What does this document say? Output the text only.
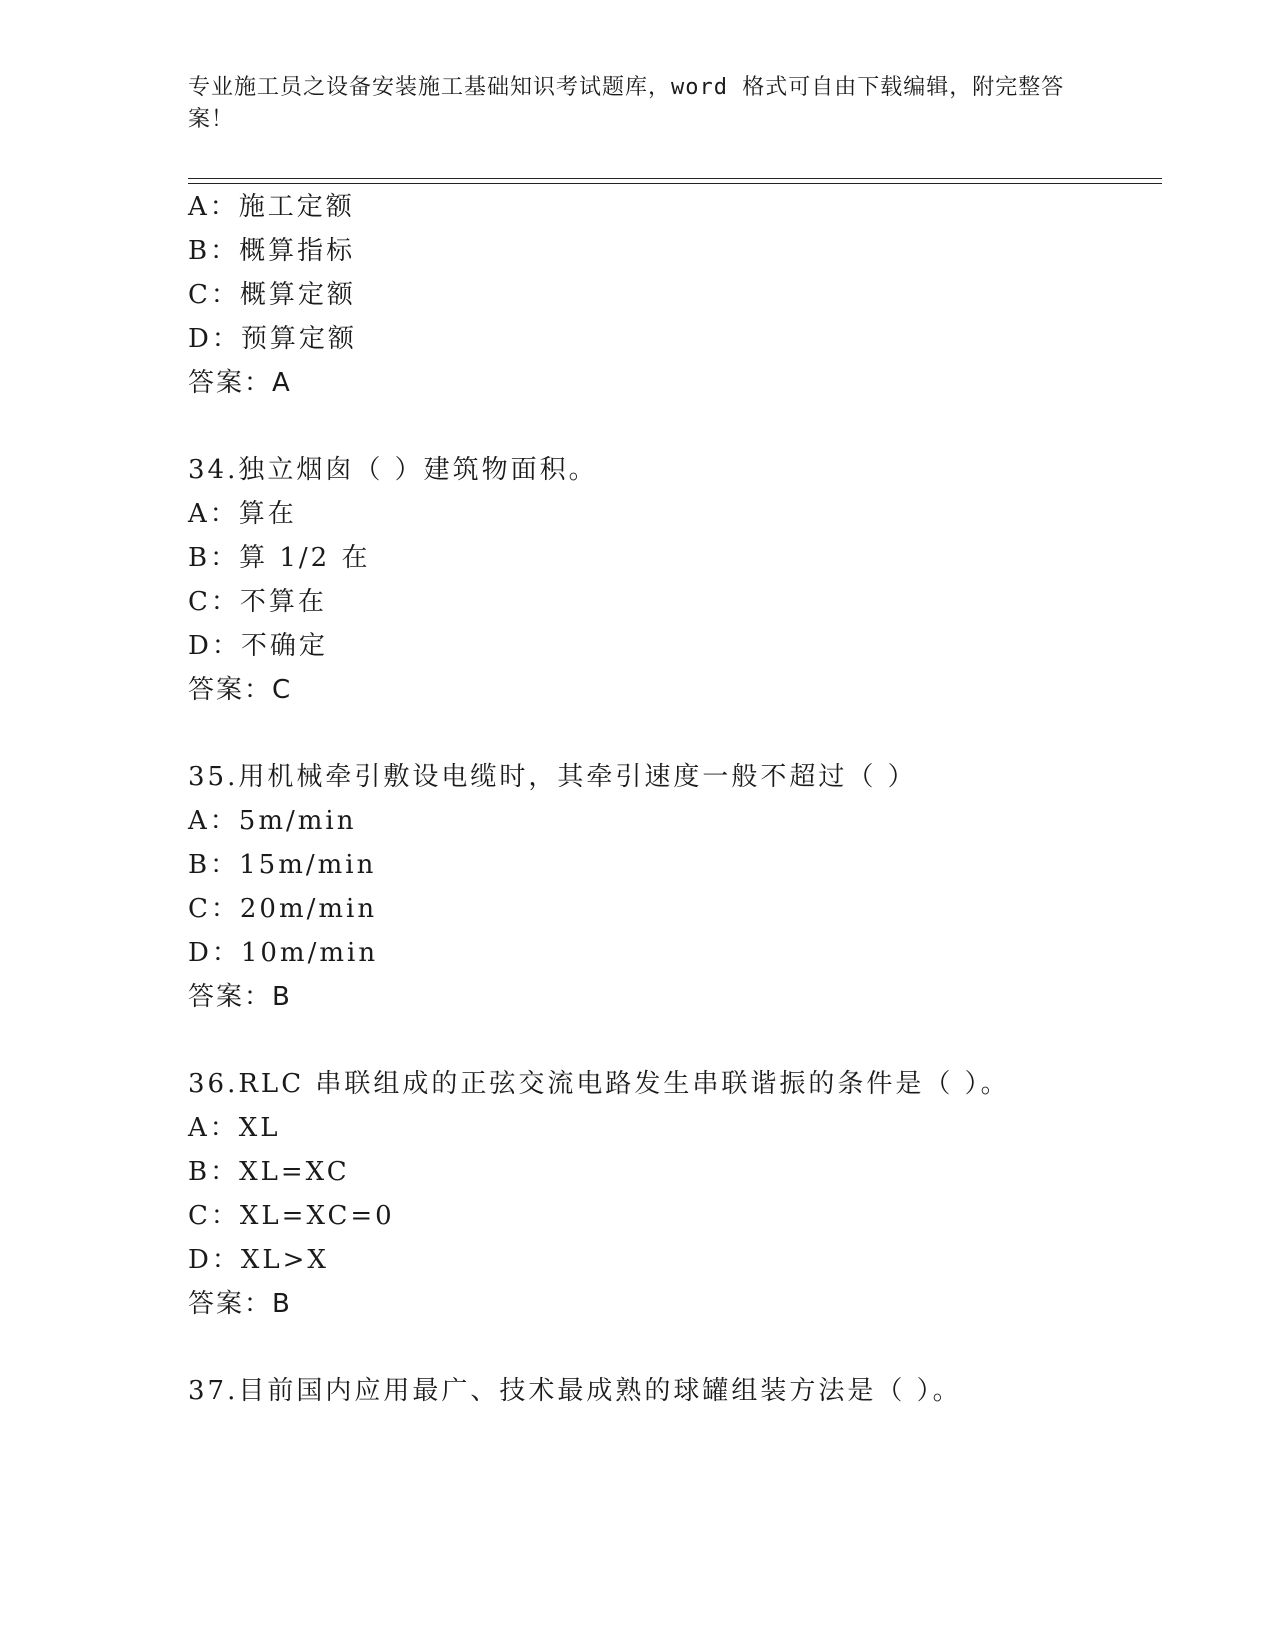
专业施工员之设备安装施工基础知识考试题库，word 格式可自由下载编辑，附完整答案！
A：施工定额
B：概算指标
C：概算定额
D：预算定额
答案：A
34.独立烟囱（ ）建筑物面积。
A：算在
B：算 1/2 在
C：不算在
D：不确定
答案：C
35.用机械牵引敷设电缆时，其牵引速度一般不超过（ ）
A：5m/min
B：15m/min
C：20m/min
D：10m/min
答案：B
36.RLC 串联组成的正弦交流电路发生串联谐振的条件是（ ）。
A：XL
B：XL=XC
C：XL=XC=0
D：XL>X
答案：B
37.目前国内应用最广、技术最成熟的球罐组装方法是（ ）。
